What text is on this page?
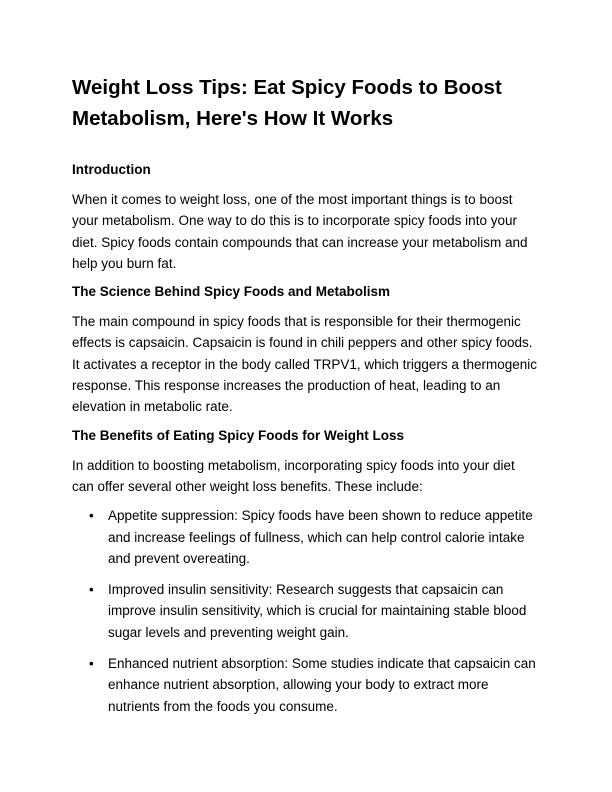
Weight Loss Tips: Eat Spicy Foods to Boost Metabolism, Here's How It Works
Introduction

When it comes to weight loss, one of the most important things is to boost your metabolism. One way to do this is to incorporate spicy foods into your diet. Spicy foods contain compounds that can increase your metabolism and help you burn fat.

The Science Behind Spicy Foods and Metabolism

The main compound in spicy foods that is responsible for their thermogenic effects is capsaicin. Capsaicin is found in chili peppers and other spicy foods. It activates a receptor in the body called TRPV1, which triggers a thermogenic response. This response increases the production of heat, leading to an elevation in metabolic rate.

The Benefits of Eating Spicy Foods for Weight Loss

In addition to boosting metabolism, incorporating spicy foods into your diet can offer several other weight loss benefits. These include:

• Appetite suppression: Spicy foods have been shown to reduce appetite and increase feelings of fullness, which can help control calorie intake and prevent overeating.
• Improved insulin sensitivity: Research suggests that capsaicin can improve insulin sensitivity, which is crucial for maintaining stable blood sugar levels and preventing weight gain.
• Enhanced nutrient absorption: Some studies indicate that capsaicin can enhance nutrient absorption, allowing your body to extract more nutrients from the foods you consume.
